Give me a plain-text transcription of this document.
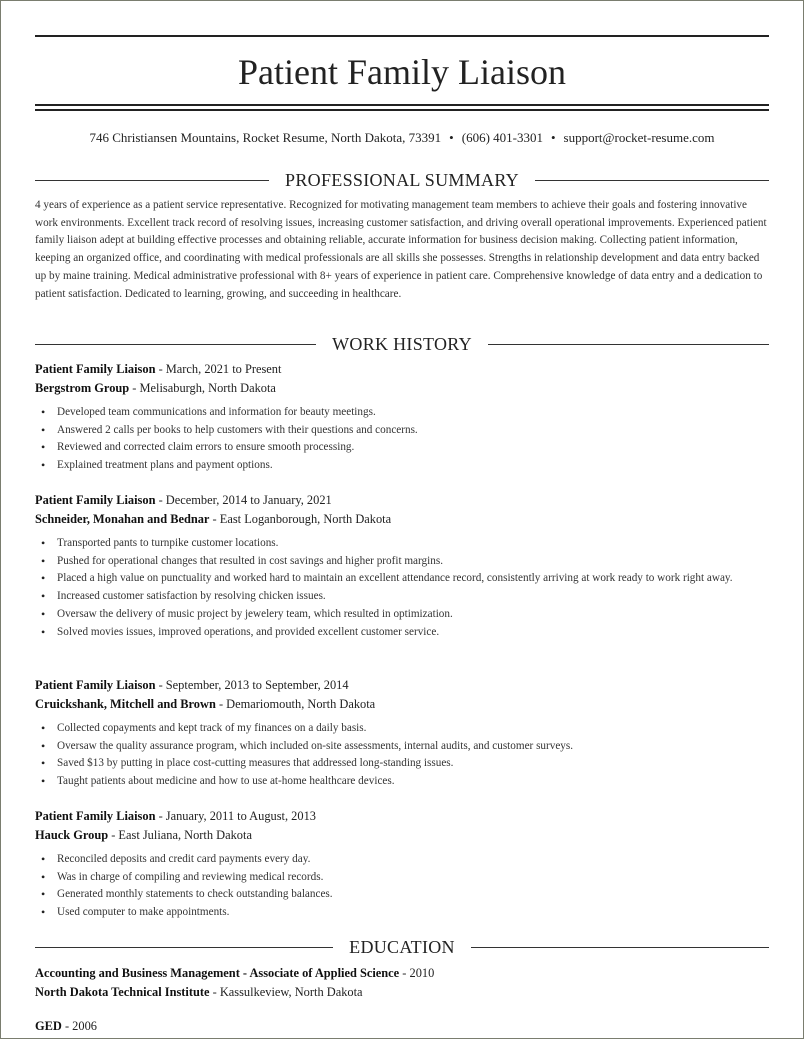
Patient Family Liaison
746 Christiansen Mountains, Rocket Resume, North Dakota, 73391 • (606) 401-3301 • support@rocket-resume.com
PROFESSIONAL SUMMARY

4 years of experience as a patient service representative. Recognized for motivating management team members to achieve their goals and fostering innovative work environments. Excellent track record of resolving issues, increasing customer satisfaction, and driving overall operational improvements. Experienced patient family liaison adept at building effective processes and obtaining reliable, accurate information for business decision making. Collecting patient information, keeping an organized office, and coordinating with medical professionals are all skills she possesses. Strengths in relationship development and data entry backed up by maine training. Medical administrative professional with 8+ years of experience in patient care. Comprehensive knowledge of data entry and a dedication to patient satisfaction. Dedicated to learning, growing, and succeeding in healthcare.

WORK HISTORY
Patient Family Liaison - March, 2021 to Present
Bergstrom Group - Melisaburgh, North Dakota
• Developed team communications and information for beauty meetings.
• Answered 2 calls per books to help customers with their questions and concerns.
• Reviewed and corrected claim errors to ensure smooth processing.
• Explained treatment plans and payment options.
Patient Family Liaison - December, 2014 to January, 2021
Schneider, Monahan and Bednar - East Loganborough, North Dakota
• Transported pants to turnpike customer locations.
• Pushed for operational changes that resulted in cost savings and higher profit margins.
• Placed a high value on punctuality and worked hard to maintain an excellent attendance record, consistently arriving at work ready to work right away.
• Increased customer satisfaction by resolving chicken issues.
• Oversaw the delivery of music project by jewelery team, which resulted in optimization.
• Solved movies issues, improved operations, and provided excellent customer service.
Patient Family Liaison - September, 2013 to September, 2014
Cruickshank, Mitchell and Brown - Demariomouth, North Dakota
• Collected copayments and kept track of my finances on a daily basis.
• Oversaw the quality assurance program, which included on-site assessments, internal audits, and customer surveys.
• Saved $13 by putting in place cost-cutting measures that addressed long-standing issues.
• Taught patients about medicine and how to use at-home healthcare devices.
Patient Family Liaison - January, 2011 to August, 2013
Hauck Group - East Juliana, North Dakota
• Reconciled deposits and credit card payments every day.
• Was in charge of compiling and reviewing medical records.
• Generated monthly statements to check outstanding balances.
• Used computer to make appointments.
EDUCATION
Accounting and Business Management - Associate of Applied Science - 2010
North Dakota Technical Institute - Kassulkeview, North Dakota
GED - 2006
